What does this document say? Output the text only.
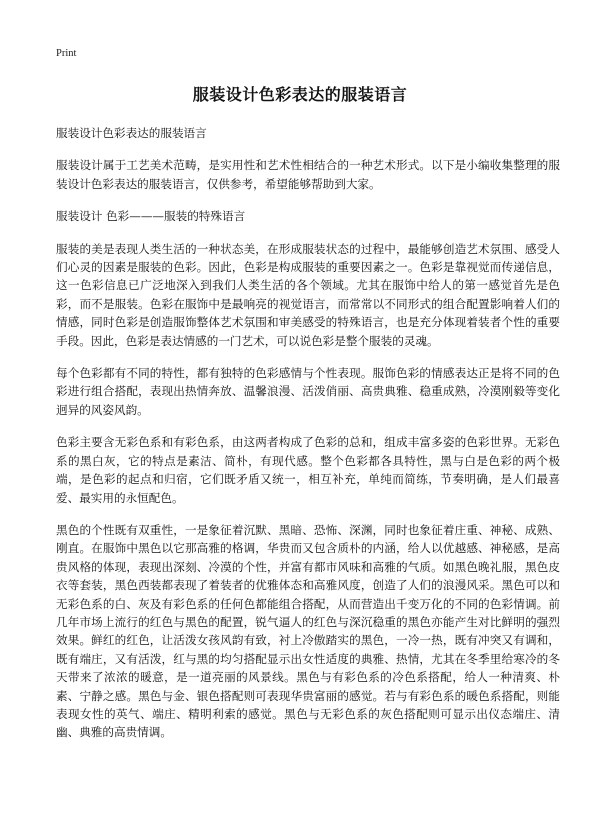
Print
服装设计色彩表达的服装语言

服装设计色彩表达的服装语言

服装设计属于工艺美术范畴，是实用性和艺术性相结合的一种艺术形式。以下是小编收集整理的服装设计色彩表达的服装语言，仅供参考，希望能够帮助到大家。

服装设计 色彩———服装的特殊语言

服装的美是表现人类生活的一种状态美，在形成服装状态的过程中，最能够创造艺术氛围、感受人们心灵的因素是服装的色彩。因此，色彩是构成服装的重要因素之一。色彩是靠视觉而传递信息，这一色彩信息已广泛地深入到我们人类生活的各个领域。尤其在服饰中给人的第一感觉首先是色彩，而不是服装。色彩在服饰中是最响亮的视觉语言，而常常以不同形式的组合配置影响着人们的情感，同时色彩是创造服饰整体艺术氛围和审美感受的特殊语言，也是充分体现着装者个性的重要手段。因此，色彩是表达情感的一门艺术，可以说色彩是整个服装的灵魂。

每个色彩都有不同的特性，都有独特的色彩感情与个性表现。服饰色彩的情感表达正是将不同的色彩进行组合搭配，表现出热情奔放、温馨浪漫、活泼俏丽、高贵典雅、稳重成熟，冷漠刚毅等变化迥异的风姿风韵。

色彩主要含无彩色系和有彩色系，由这两者构成了色彩的总和，组成丰富多姿的色彩世界。无彩色系的黑白灰，它的特点是素洁、简朴，有现代感。整个色彩都各具特性，黑与白是色彩的两个极端，是色彩的起点和归宿，它们既矛盾又统一，相互补充，单纯而简练，节奏明确，是人们最喜爱、最实用的永恒配色。

黑色的个性既有双重性，一是象征着沉默、黑暗、恐怖、深渊，同时也象征着庄重、神秘、成熟、刚直。在服饰中黑色以它那高雅的格调，华贵而又包含质朴的内涵，给人以优越感、神秘感，是高贵风格的体现，表现出深刻、冷漠的个性，并富有都市风味和高雅的气质。如黑色晚礼服，黑色皮衣等套装，黑色西装都表现了着装者的优雅体态和高雅风度，创造了人们的浪漫风采。黑色可以和无彩色系的白、灰及有彩色系的任何色都能组合搭配，从而营造出千变万化的不同的色彩情调。前几年市场上流行的红色与黑色的配置，锐气逼人的红色与深沉稳重的黑色亦能产生对比鲜明的强烈效果。鲜红的红色，让活泼女孩风韵有致，衬上冷傲踏实的黑色，一冷一热，既有冲突又有调和，既有端庄，又有活泼，红与黑的均匀搭配显示出女性适度的典雅、热情，尤其在冬季里给寒冷的冬天带来了浓浓的暖意，是一道亮丽的风景线。黑色与有彩色系的冷色系搭配，给人一种清爽、朴素、宁静之感。黑色与金、银色搭配则可表现华贵富丽的感觉。若与有彩色系的暖色系搭配，则能表现女性的英气、端庄、精明利索的感觉。黑色与无彩色系的灰色搭配则可显示出仪态端庄、清幽、典雅的高贵情调。
